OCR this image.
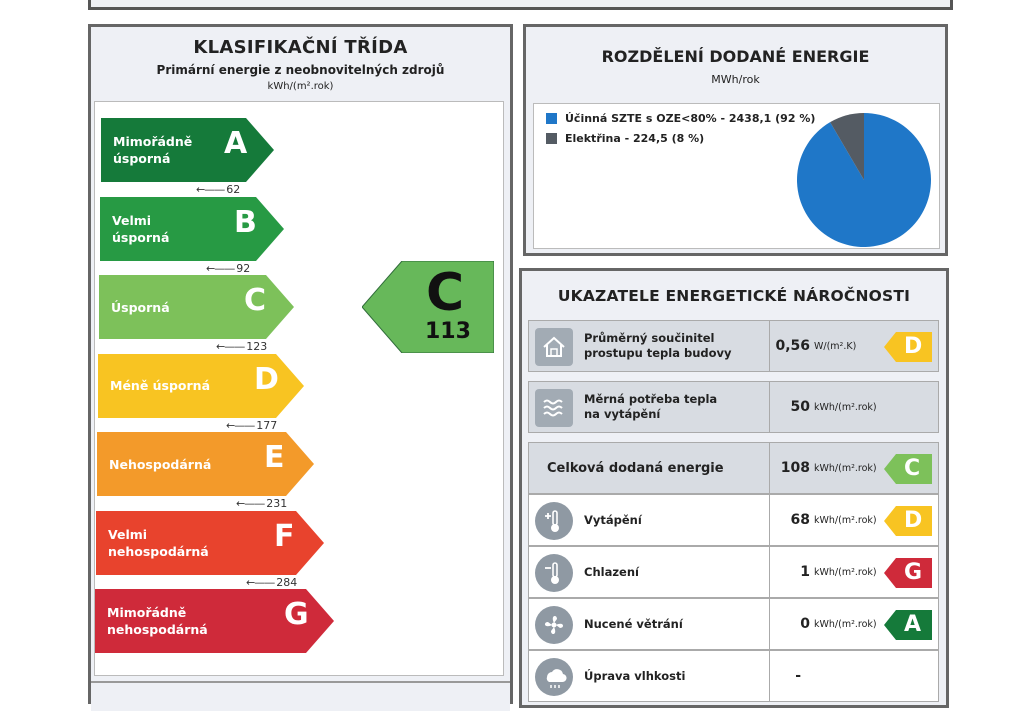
KLASIFIKAČNÍ TŘÍDA
Primární energie z neobnovitelných zdrojů
kWh/(m².rok)
Mimořádně
úsporná	A
←—— 62
Velmi
úsporná B
←—— 92
Úsporná C
←—— 123
Méně úsporná D
←—— 177
Nehospodárná E
←—— 231
Velmi
nehospodárná F
←—— 284
Mimořádně
nehospodárná	G
C
113
ROZDĚLENÍ DODANÉ ENERGIE
MWh/rok
Účinná SZTE s OZE<80% - 2438,1 (92 %)
Elektřina - 224,5 (8 %)
UKAZATELE ENERGETICKÉ NÁROČNOSTI
Průměrný součinitel
prostupu tepla budovy	0,56 W/(m².K) D
Měrná potřeba tepla
na vytápění	50 kWh/(m².rok)
Celková dodaná energie	108 kWh/(m².rok) C
Vytápění	68 kWh/(m².rok) D
Chlazení	1 kWh/(m².rok) G
Nucené větrání	0 kWh/(m².rok) A
Úprava vlhkosti	-
